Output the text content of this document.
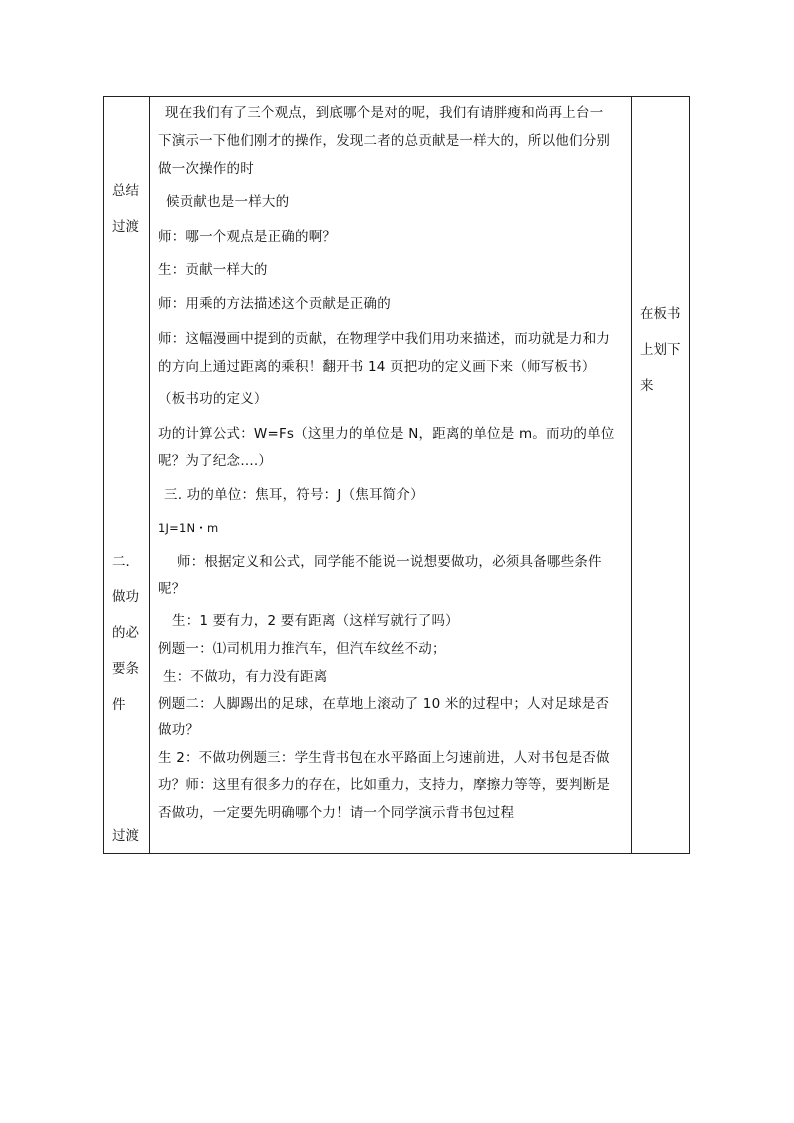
总结
过渡
二．
做功
的必
要条
件
过渡
在板书
上划下
来
现在我们有了三个观点，到底哪个是对的呢，我们有请胖瘦和尚再上台一
下演示一下他们刚才的操作，发现二者的总贡献是一样大的，所以他们分别
做一次操作的时
候贡献也是一样大的
师：哪一个观点是正确的啊？
生：贡献一样大的
师：用乘的方法描述这个贡献是正确的
师：这幅漫画中提到的贡献，在物理学中我们用功来描述，而功就是力和力
的方向上通过距离的乘积！翻开书 14 页把功的定义画下来（师写板书）
（板书功的定义）
功的计算公式：W=Fs（这里力的单位是 N，距离的单位是 m。而功的单位
呢？为了纪念….）
三. 功的单位：焦耳，符号：J（焦耳简介）
1J=1N・m
师：根据定义和公式，同学能不能说一说想要做功，必须具备哪些条件
呢？
生：1 要有力，2 要有距离（这样写就行了吗）
例题一：⑴司机用力推汽车，但汽车纹丝不动；
生：不做功，有力没有距离
例题二：人脚踢出的足球，在草地上滚动了 10 米的过程中；人对足球是否
做功？
生 2：不做功例题三：学生背书包在水平路面上匀速前进，人对书包是否做
功？师：这里有很多力的存在，比如重力，支持力，摩擦力等等，要判断是
否做功，一定要先明确哪个力！请一个同学演示背书包过程
